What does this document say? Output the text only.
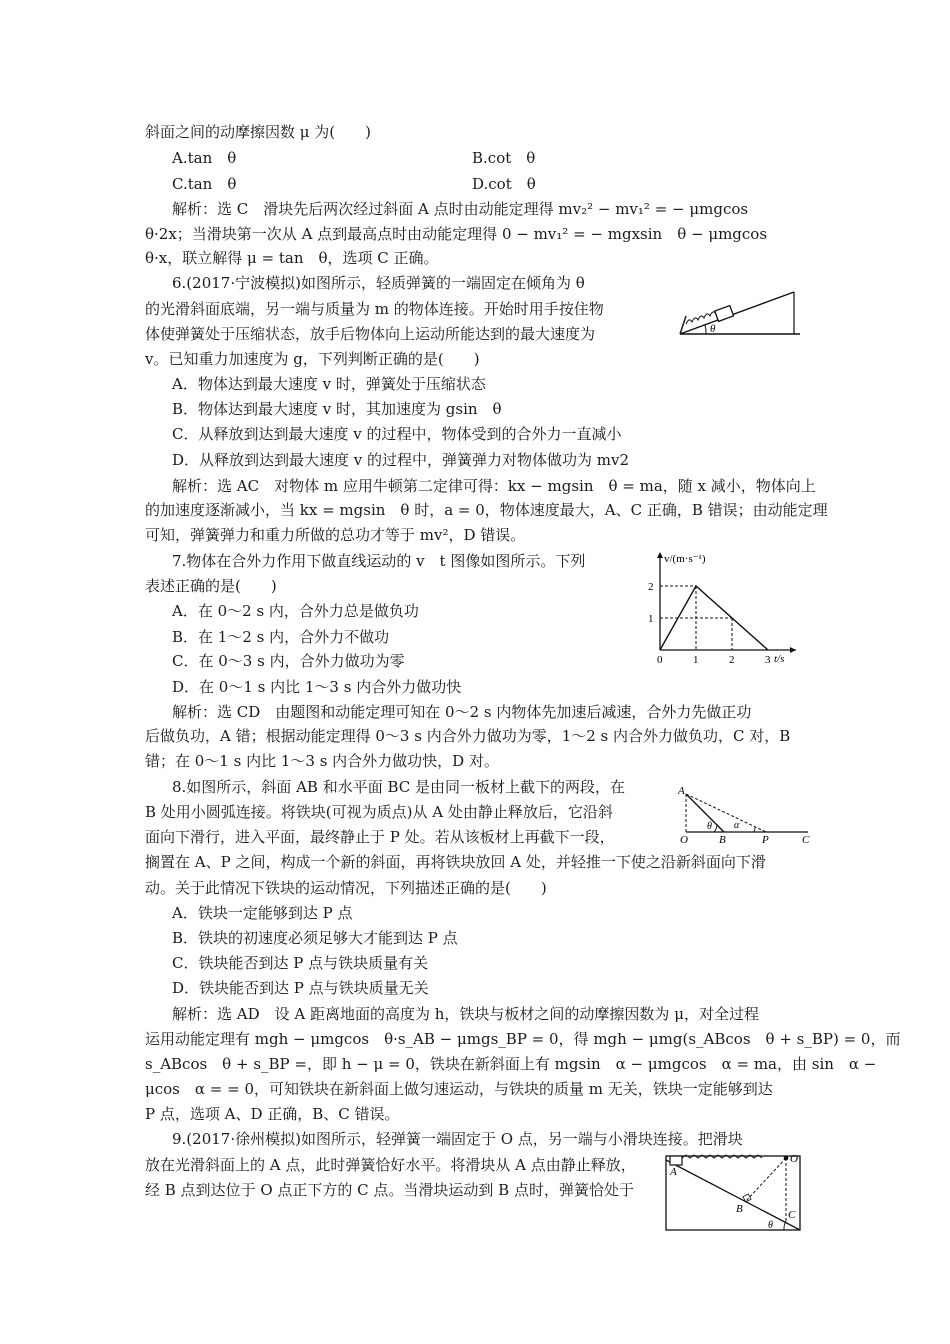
斜面之间的动摩擦因数 μ 为(　　)
A.tan　θ	B.cot　θ
C.tan　θ	D.cot　θ
解析：选 C　滑块先后两次经过斜面 A 点时由动能定理得 mv₂² − mv₁² = − μmgcos
θ·2x；当滑块第一次从 A 点到最高点时由动能定理得 0 − mv₁² = − mgxsin　θ − μmgcos
θ·x，联立解得 μ = tan　θ，选项 C 正确。
6.(2017·宁波模拟)如图所示，轻质弹簧的一端固定在倾角为 θ
的光滑斜面底端，另一端与质量为 m 的物体连接。开始时用手按住物
体使弹簧处于压缩状态，放手后物体向上运动所能达到的最大速度为
v。已知重力加速度为 g，下列判断正确的是(　　)
θ
A．物体达到最大速度 v 时，弹簧处于压缩状态
B．物体达到最大速度 v 时，其加速度为 gsin　θ
C．从释放到达到最大速度 v 的过程中，物体受到的合外力一直减小
D．从释放到达到最大速度 v 的过程中，弹簧弹力对物体做功为 mv2
解析：选 AC　对物体 m 应用牛顿第二定律可得：kx − mgsin　θ = ma，随 x 减小，物体向上
的加速度逐渐减小，当 kx = mgsin　θ 时，a = 0，物体速度最大，A、C 正确，B 错误；由动能定理
可知，弹簧弹力和重力所做的总功才等于 mv²，D 错误。
7.物体在合外力作用下做直线运动的 v　t 图像如图所示。下列
表述正确的是(　　)
A．在 0～2 s 内，合外力总是做负功
B．在 1～2 s 内，合外力不做功
C．在 0～3 s 内，合外力做功为零
D．在 0～1 s 内比 1～3 s 内合外力做功快
v/(m·s⁻¹)
t/s
0	1	2	3
1
2
解析：选 CD　由题图和动能定理可知在 0～2 s 内物体先加速后减速，合外力先做正功
后做负功，A 错；根据动能定理得 0～3 s 内合外力做功为零，1～2 s 内合外力做负功，C 对，B
错；在 0～1 s 内比 1～3 s 内合外力做功快，D 对。
8.如图所示，斜面 AB 和水平面 BC 是由同一板材上截下的两段，在
B 处用小圆弧连接。将铁块(可视为质点)从 A 处由静止释放后，它沿斜
面向下滑行，进入平面，最终静止于 P 处。若从该板材上再截下一段，
搁置在 A、P 之间，构成一个新的斜面，再将铁块放回 A 处，并轻推一下使之沿新斜面向下滑
动。关于此情况下铁块的运动情况，下列描述正确的是(　　)
A
O	B	P	C
θ α
A．铁块一定能够到达 P 点
B．铁块的初速度必须足够大才能到达 P 点
C．铁块能否到达 P 点与铁块质量有关
D．铁块能否到达 P 点与铁块质量无关
解析：选 AD　设 A 距离地面的高度为 h，铁块与板材之间的动摩擦因数为 μ，对全过程
运用动能定理有 mgh − μmgcos　θ·s_AB − μmgs_BP = 0，得 mgh − μmg(s_ABcos　θ + s_BP) = 0，而
s_ABcos　θ + s_BP =，即 h − μ = 0，铁块在新斜面上有 mgsin　α − μmgcos　α = ma，由 sin　α −
μcos　α = = 0，可知铁块在新斜面上做匀速运动，与铁块的质量 m 无关，铁块一定能够到达
P 点，选项 A、D 正确，B、C 错误。
9.(2017·徐州模拟)如图所示，轻弹簧一端固定于 O 点，另一端与小滑块连接。把滑块
放在光滑斜面上的 A 点，此时弹簧恰好水平。将滑块从 A 点由静止释放，
经 B 点到达位于 O 点正下方的 C 点。当滑块运动到 B 点时，弹簧恰处于
A
O
B	C
θ
